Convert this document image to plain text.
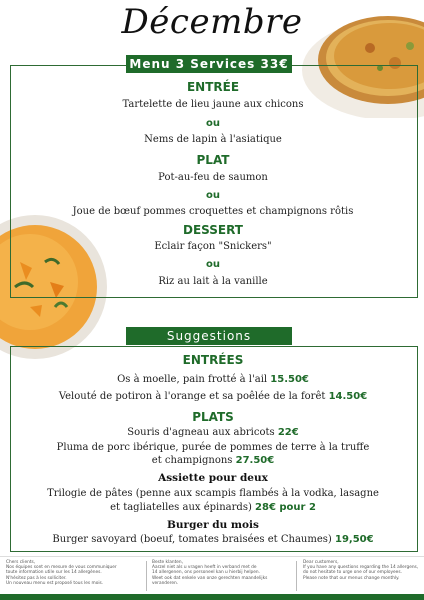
Décembre
Menu 3 Services 33€
ENTRÉE
Tartelette de lieu jaune aux chicons
ou
Nems de lapin à l'asiatique
PLAT
Pot-au-feu de saumon
ou
Joue de bœuf pommes croquettes et champignons rôtis
DESSERT
Eclair façon "Snickers"
ou
Riz au lait à la vanille
Suggestions
ENTRÉES
Os à moelle, pain frotté à l'ail 15.50€
Velouté de potiron à l'orange et sa poêlée de la forêt 14.50€
PLATS
Souris d'agneau aux abricots 22€
Pluma de porc ibérique, purée de pommes de terre à la truffe
et champignons 27.50€
Assiette pour deux
Trilogie de pâtes (penne aux scampis flambés à la vodka, lasagne
et tagliatelles aux épinards) 28€ pour 2
Burger du mois
Burger savoyard (boeuf, tomates braisées et Chaumes) 19,50€
Chers clients,
Nos équipes sont en mesure de vous communiquer
toute information utile sur les 14 allergènes.
N'hésitez pas à les solliciter.
Un nouveau menu est proposé tous les mois.
Beste klanten,
Aarzel niet als u vragen heeft in verband met de
14 allergenen, ons personeel kan u hierbij helpen.
Weet ook dat enkele van onze gerechten maandelijks
veranderen.
Dear customers,
If you have any questions regarding the 14 allergens,
do not hesitate to urge one of our employees.
Please note that our menus change monthly.
